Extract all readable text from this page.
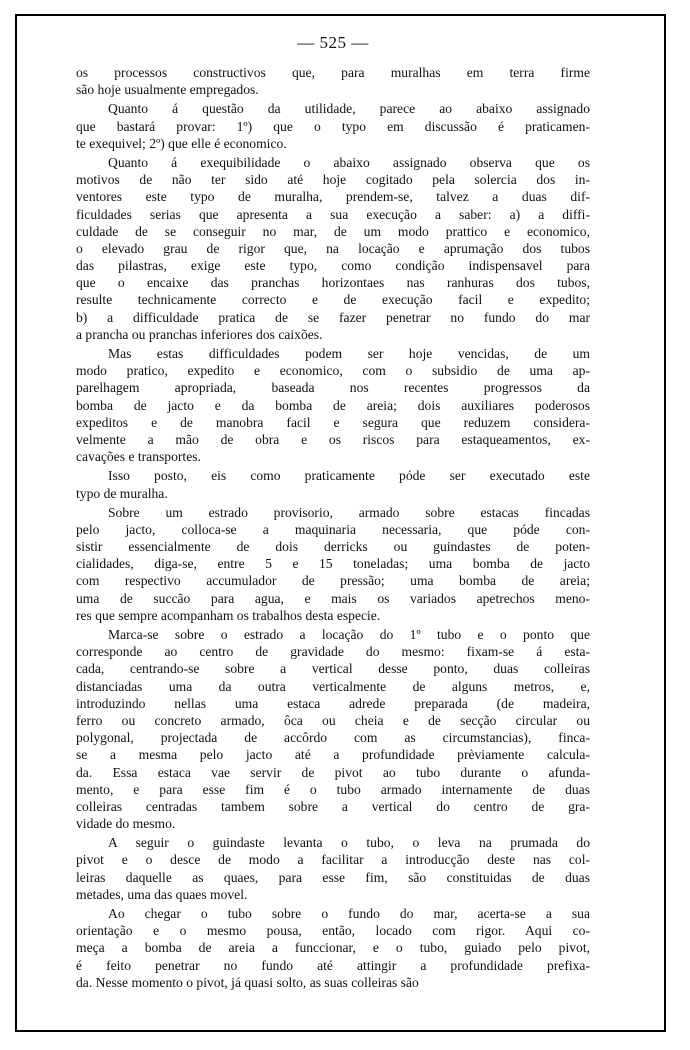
— 525 —

os processos constructivos que, para muralhas em terra firme
são hoje usualmente empregados.

Quanto á questão da utilidade, parece ao abaixo assignado
que bastará provar: 1º) que o typo em discussão é praticamen-
te exequivel; 2º) que elle é economico.

Quanto á exequibilidade o abaixo assignado observa que os
motivos de não ter sido até hoje cogitado pela solercia dos in-
ventores este typo de muralha, prendem-se, talvez a duas dif-
ficuldades serias que apresenta a sua execução a saber: a) a diffi-
culdade de se conseguir no mar, de um modo prattico e economico,
o elevado grau de rigor que, na locação e aprumação dos tubos
das pilastras, exige este typo, como condição indispensavel para
que o encaixe das pranchas horizontaes nas ranhuras dos tubos,
resulte technicamente correcto e de execução facil e expedito;
b) a difficuldade pratica de se fazer penetrar no fundo do mar
a prancha ou pranchas inferiores dos caixões.

Mas estas difficuldades podem ser hoje vencidas, de um
modo pratico, expedito e economico, com o subsidio de uma ap-
parelhagem apropriada, baseada nos recentes progressos da
bomba de jacto e da bomba de areia; dois auxiliares poderosos
expeditos e de manobra facil e segura que reduzem considera-
velmente a mão de obra e os riscos para estaqueamentos, ex-
cavações e transportes.

Isso posto, eis como praticamente póde ser executado este
typo de muralha.

Sobre um estrado provisorio, armado sobre estacas fincadas
pelo jacto, colloca-se a maquinaria necessaria, que póde con-
sistir essencialmente de dois derricks ou guindastes de poten-
cialidades, diga-se, entre 5 e 15 toneladas; uma bomba de jacto
com respectivo accumulador de pressão; uma bomba de areia;
uma de succão para agua, e mais os variados apetrechos meno-
res que sempre acompanham os trabalhos desta especie.

Marca-se sobre o estrado a locação do 1º tubo e o ponto que
corresponde ao centro de gravidade do mesmo: fixam-se á esta-
cada, centrando-se sobre a vertical desse ponto, duas colleiras
distanciadas uma da outra verticalmente de alguns metros, e,
introduzindo nellas uma estaca adrede preparada (de madeira,
ferro ou concreto armado, ôca ou cheia e de secção circular ou
polygonal, projectada de accôrdo com as circumstancias), finca-
se a mesma pelo jacto até a profundidade prèviamente calcula-
da. Essa estaca vae servir de pivot ao tubo durante o afunda-
mento, e para esse fim é o tubo armado internamente de duas
colleiras centradas tambem sobre a vertical do centro de gra-
vidade do mesmo.

A seguir o guindaste levanta o tubo, o leva na prumada do
pivot e o desce de modo a facilitar a introducção deste nas col-
leiras daquelle as quaes, para esse fim, são constituidas de duas
metades, uma das quaes movel.

Ao chegar o tubo sobre o fundo do mar, acerta-se a sua
orientação e o mesmo pousa, então, locado com rigor. Aqui co-
meça a bomba de areia a funccionar, e o tubo, guiado pelo pivot,
é feito penetrar no fundo até attingir a profundidade prefixa-
da. Nesse momento o pivot, já quasi solto, as suas colleiras são
